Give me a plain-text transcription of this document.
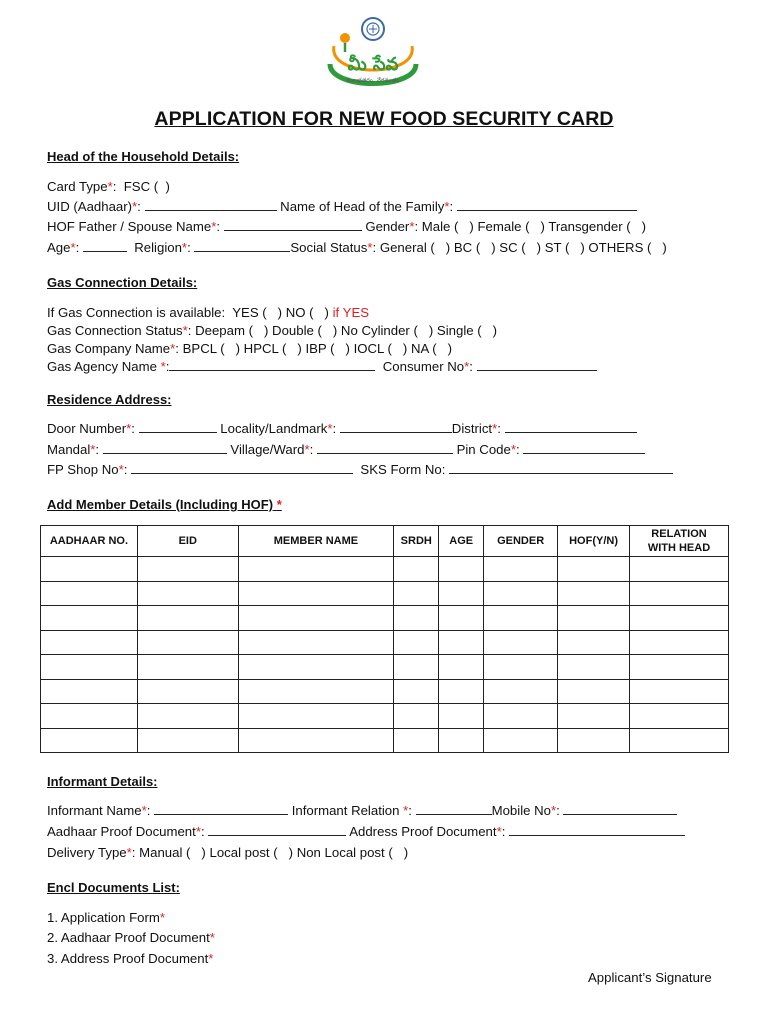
మీ సేవ
సులభతరం, వేగవంతం
APPLICATION FOR NEW FOOD SECURITY CARD
Head of the Household Details:
Card Type*:  FSC (  )
UID (Aadhaar)*:	Name of Head of the Family*:
HOF Father / Spouse Name*:	Gender*: Male (   ) Female (   ) Transgender (   )
Age*:	Religion*:	Social Status*: General (   ) BC (   ) SC (   ) ST (   ) OTHERS (   )
Gas Connection Details:
If Gas Connection is available: YES (   ) NO (   ) if YES
Gas Connection Status*: Deepam (   ) Double (   ) No Cylinder (   ) Single (   )
Gas Company Name*: BPCL (   ) HPCL (   ) IBP (   ) IOCL (   ) NA (   )
Gas Agency Name *:	Consumer No*:
Residence Address:
Door Number*:	Locality/Landmark*:	District*:
Mandal*:	Village/Ward*:	Pin Code*:
FP Shop No*:	SKS Form No:
Add Member Details (Including HOF) *
AADHAAR NO.	EID	MEMBER NAME	SRDH	AGE	GENDER	HOF(Y/N)	RELATION WITH HEAD

Informant Details:
Informant Name*:	Informant Relation *:	Mobile No*:
Aadhaar Proof Document*:	Address Proof Document*:
Delivery Type*: Manual (   ) Local post (   ) Non Local post (   )
Encl Documents List:
1. Application Form*
2. Aadhaar Proof Document*
3. Address Proof Document*
Applicant’s Signature
